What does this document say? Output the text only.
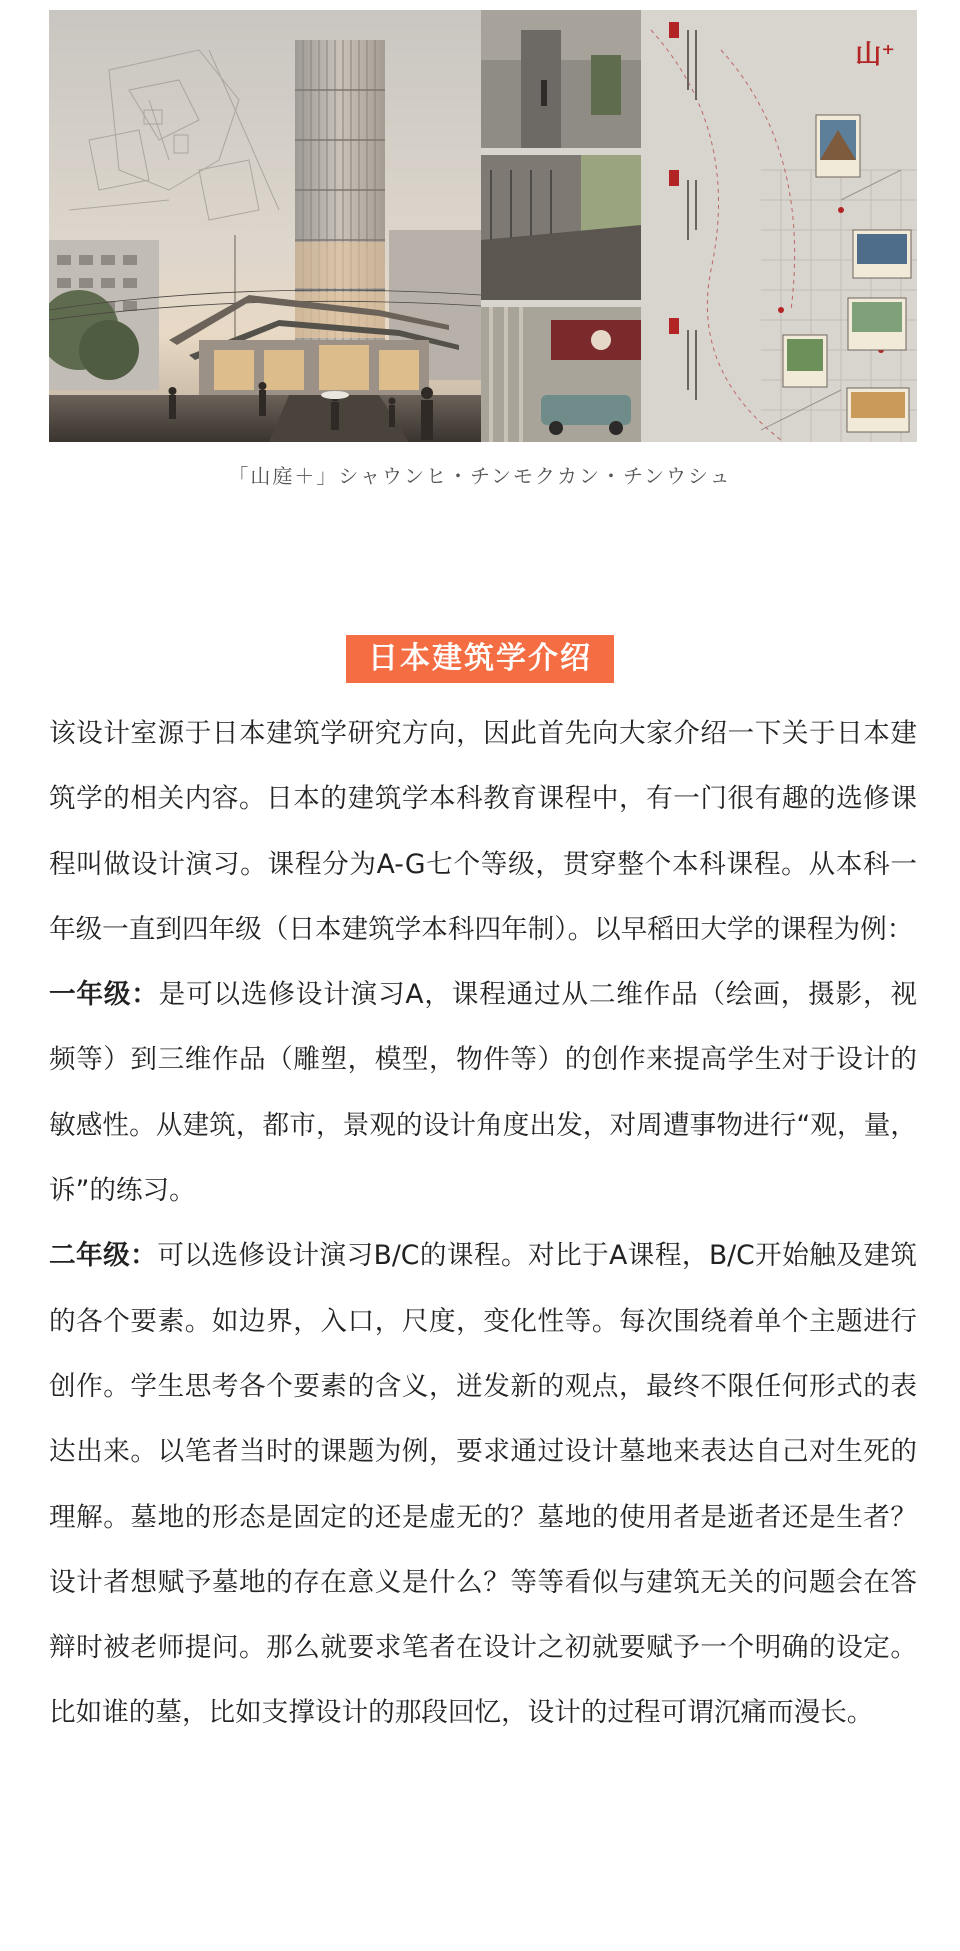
山⁺
「山庭＋」シャウンヒ・チンモクカン・チンウシュ
日本建筑学介绍

该设计室源于日本建筑学研究方向，因此首先向大家介绍一下关于日本建筑学的相关内容。日本的建筑学本科教育课程中，有一门很有趣的选修课程叫做设计演习。课程分为A-G七个等级，贯穿整个本科课程。从本科一年级一直到四年级（日本建筑学本科四年制）。以早稻田大学的课程为例：

一年级：是可以选修设计演习A，课程通过从二维作品（绘画，摄影，视频等）到三维作品（雕塑，模型，物件等）的创作来提高学生对于设计的敏感性。从建筑，都市，景观的设计角度出发，对周遭事物进行“观，量，诉”的练习。

二年级：可以选修设计演习B/C的课程。对比于A课程，B/C开始触及建筑的各个要素。如边界，入口，尺度，变化性等。每次围绕着单个主题进行创作。学生思考各个要素的含义，迸发新的观点，最终不限任何形式的表达出来。以笔者当时的课题为例，要求通过设计墓地来表达自己对生死的理解。墓地的形态是固定的还是虚无的？墓地的使用者是逝者还是生者？设计者想赋予墓地的存在意义是什么？等等看似与建筑无关的问题会在答辩时被老师提问。那么就要求笔者在设计之初就要赋予一个明确的设定。比如谁的墓，比如支撑设计的那段回忆，设计的过程可谓沉痛而漫长。
